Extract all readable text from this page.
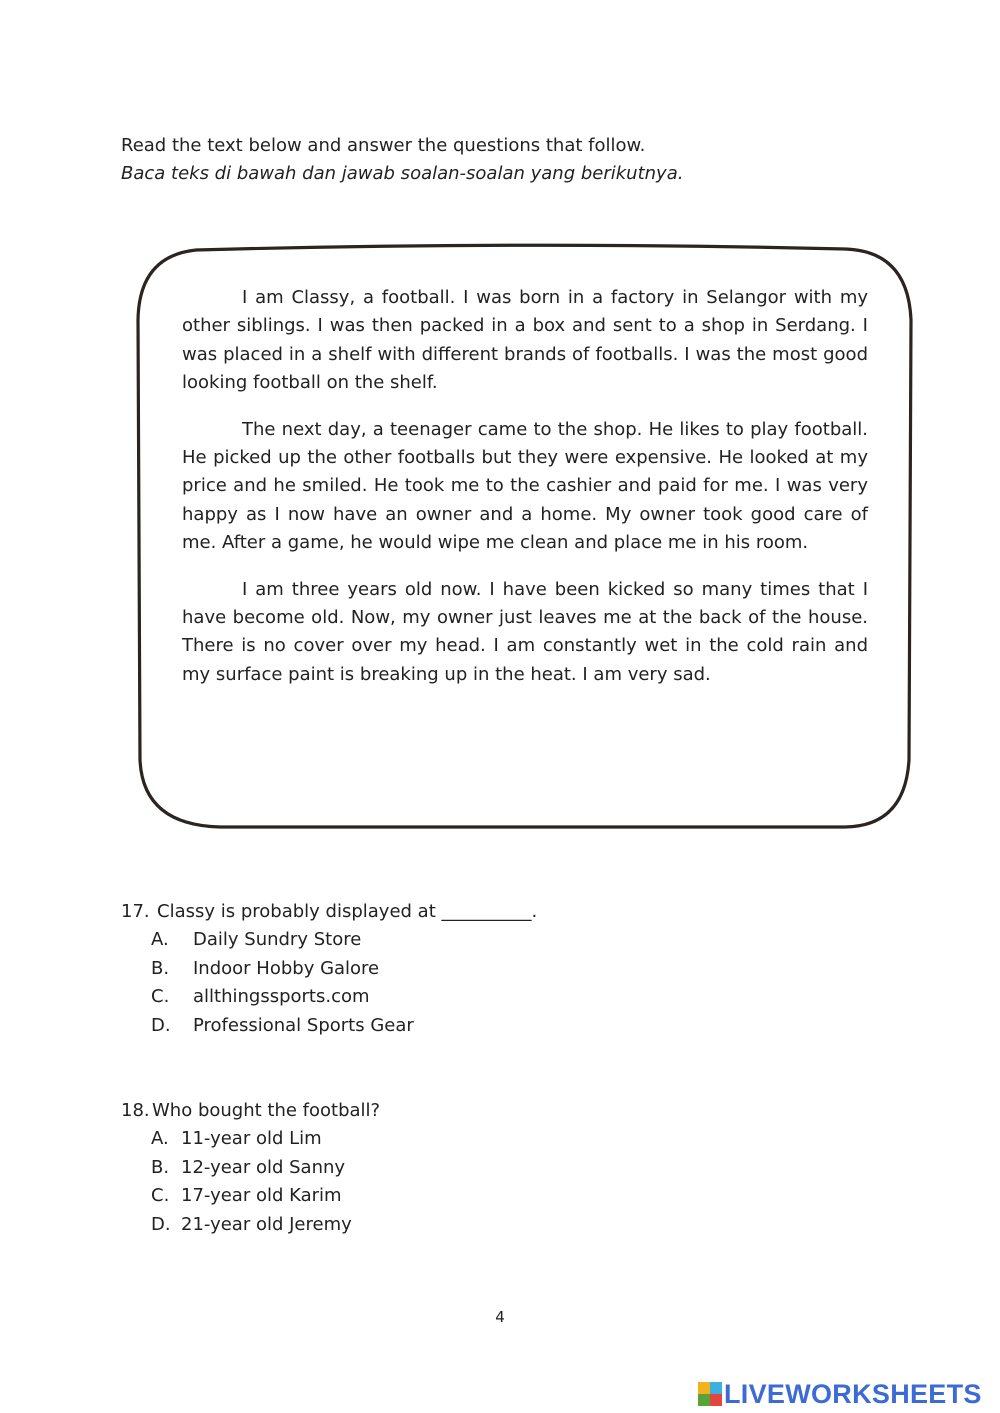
Read the text below and answer the questions that follow.
Baca teks di bawah dan jawab soalan-soalan yang berikutnya.

I am Classy, a football. I was born in a factory in Selangor with my other siblings. I was then packed in a box and sent to a shop in Serdang. I was placed in a shelf with different brands of footballs. I was the most good looking football on the shelf.

The next day, a teenager came to the shop. He likes to play football. He picked up the other footballs but they were expensive. He looked at my price and he smiled. He took me to the cashier and paid for me. I was very happy as I now have an owner and a home. My owner took good care of me. After a game, he would wipe me clean and place me in his room.

I am three years old now. I have been kicked so many times that I have become old. Now, my owner just leaves me at the back of the house. There is no cover over my head. I am constantly wet in the cold rain and my surface paint is breaking up in the heat. I am very sad.

17. Classy is probably displayed at __________.
A. Daily Sundry Store
B. Indoor Hobby Galore
C. allthingssports.com
D. Professional Sports Gear
18. Who bought the football?
A. 11-year old Lim
B. 12-year old Sanny
C. 17-year old Karim
D. 21-year old Jeremy
4
LIVEWORKSHEETS
